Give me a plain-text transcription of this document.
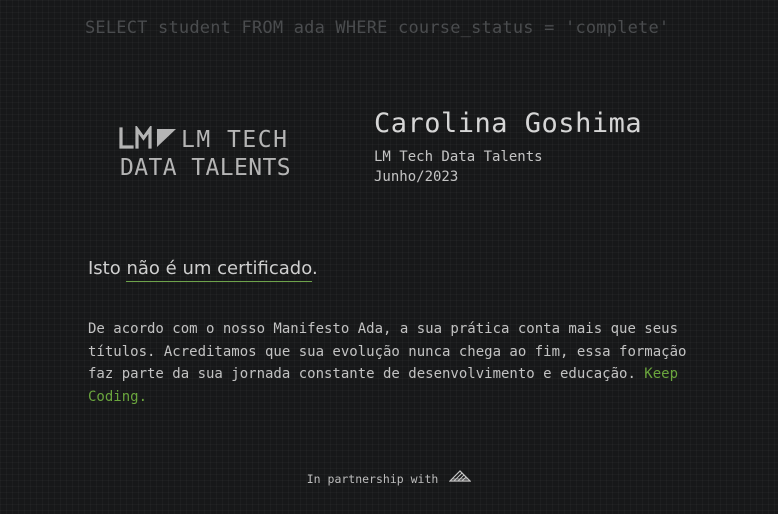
SELECT student FROM ada WHERE course_status = 'complete'
LM TECH
DATA TALENTS
Carolina Goshima
LM Tech Data Talents
Junho/2023
Isto não é um certificado.
De acordo com o nosso Manifesto Ada, a sua prática conta mais que seus títulos. Acreditamos que sua evolução nunca chega ao fim, essa formação faz parte da sua jornada constante de desenvolvimento e educação. Keep Coding.
In partnership with
